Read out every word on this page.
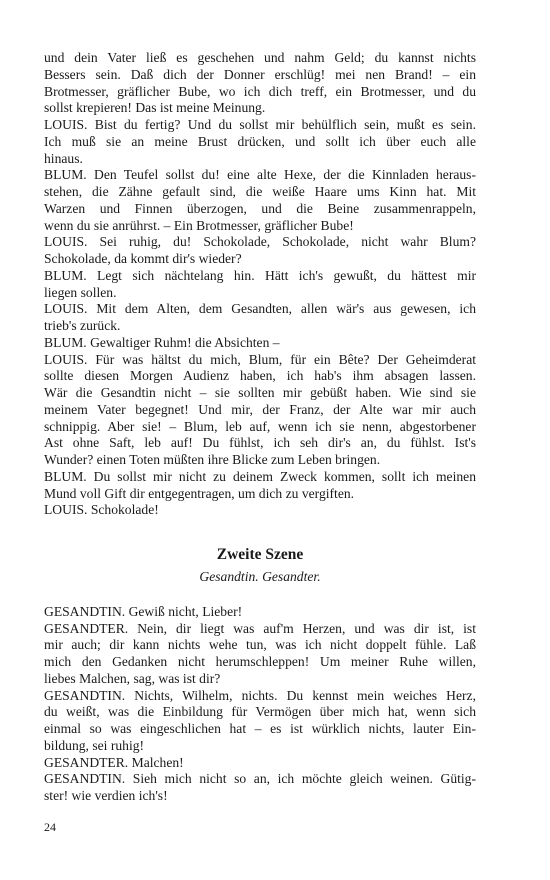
und dein Vater ließ es geschehen und nahm Geld; du kannst nichts
Bessers sein. Daß dich der Donner erschlüg! mei nen Brand! – ein
Brotmesser, gräflicher Bube, wo ich dich treff, ein Brotmesser, und du
sollst krepieren! Das ist meine Meinung.
LOUIS. Bist du fertig? Und du sollst mir behülflich sein, mußt es sein.
Ich muß sie an meine Brust drücken, und sollt ich über euch alle
hinaus.
BLUM. Den Teufel sollst du! eine alte Hexe, der die Kinnladen heraus-
stehen, die Zähne gefault sind, die weiße Haare ums Kinn hat. Mit
Warzen und Finnen überzogen, und die Beine zusammenrappeln,
wenn du sie anrührst. – Ein Brotmesser, gräflicher Bube!
LOUIS. Sei ruhig, du! Schokolade, Schokolade, nicht wahr Blum?
Schokolade, da kommt dir's wieder?
BLUM. Legt sich nächtelang hin. Hätt ich's gewußt, du hättest mir
liegen sollen.
LOUIS. Mit dem Alten, dem Gesandten, allen wär's aus gewesen, ich
trieb's zurück.
BLUM. Gewaltiger Ruhm! die Absichten –
LOUIS. Für was hältst du mich, Blum, für ein Bête? Der Geheimderat
sollte diesen Morgen Audienz haben, ich hab's ihm absagen lassen.
Wär die Gesandtin nicht – sie sollten mir gebüßt haben. Wie sind sie
meinem Vater begegnet! Und mir, der Franz, der Alte war mir auch
schnippig. Aber sie! – Blum, leb auf, wenn ich sie nenn, abgestorbener
Ast ohne Saft, leb auf! Du fühlst, ich seh dir's an, du fühlst. Ist's
Wunder? einen Toten müßten ihre Blicke zum Leben bringen.
BLUM. Du sollst mir nicht zu deinem Zweck kommen, sollt ich meinen
Mund voll Gift dir entgegentragen, um dich zu vergiften.
LOUIS. Schokolade!
Zweite Szene
Gesandtin. Gesandter.
GESANDTIN. Gewiß nicht, Lieber!
GESANDTER. Nein, dir liegt was auf'm Herzen, und was dir ist, ist
mir auch; dir kann nichts wehe tun, was ich nicht doppelt fühle. Laß
mich den Gedanken nicht herumschleppen! Um meiner Ruhe willen,
liebes Malchen, sag, was ist dir?
GESANDTIN. Nichts, Wilhelm, nichts. Du kennst mein weiches Herz,
du weißt, was die Einbildung für Vermögen über mich hat, wenn sich
einmal so was eingeschlichen hat – es ist würklich nichts, lauter Ein-
bildung, sei ruhig!
GESANDTER. Malchen!
GESANDTIN. Sieh mich nicht so an, ich möchte gleich weinen. Gütig-
ster! wie verdien ich's!
24
